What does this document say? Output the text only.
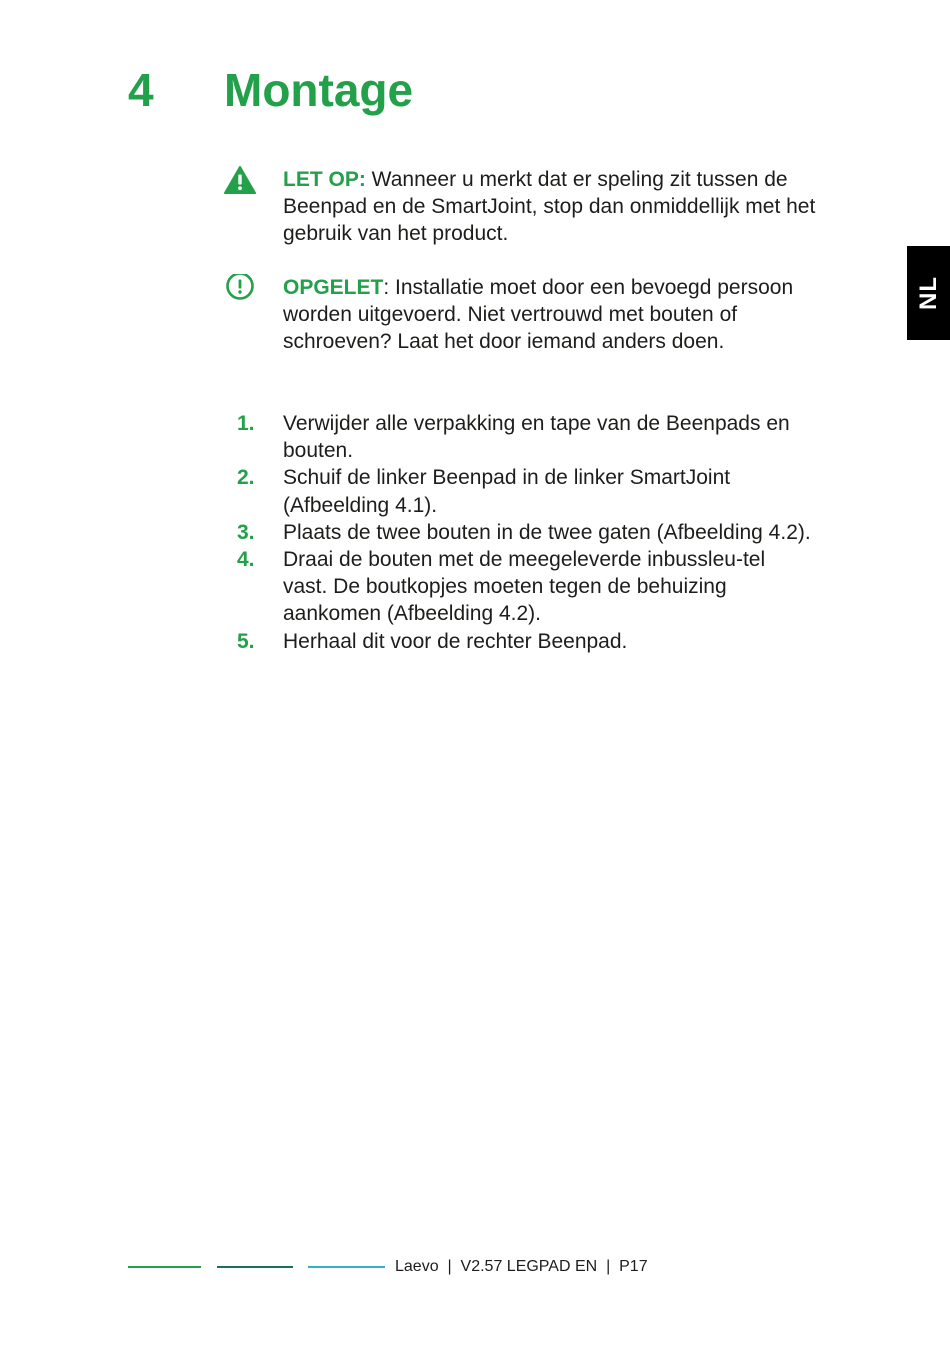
4 Montage
LET OP: Wanneer u merkt dat er speling zit tussen de Beenpad en de SmartJoint, stop dan onmiddellijk met het gebruik van het product.
OPGELET: Installatie moet door een bevoegd persoon worden uitgevoerd. Niet vertrouwd met bouten of schroeven? Laat het door iemand anders doen.
1.	Verwijder alle verpakking en tape van de Beenpads en bouten.
2.	Schuif de linker Beenpad in de linker SmartJoint (Afbeelding 4.1).
3.	Plaats de twee bouten in de twee gaten (Afbeelding 4.2).
4.	Draai de bouten met de meegeleverde inbussleu-tel vast. De boutkopjes moeten tegen de behuizing aankomen (Afbeelding 4.2).
5.	Herhaal dit voor de rechter Beenpad.
NL
Laevo  |  V2.57 LEGPAD EN  |  P17
